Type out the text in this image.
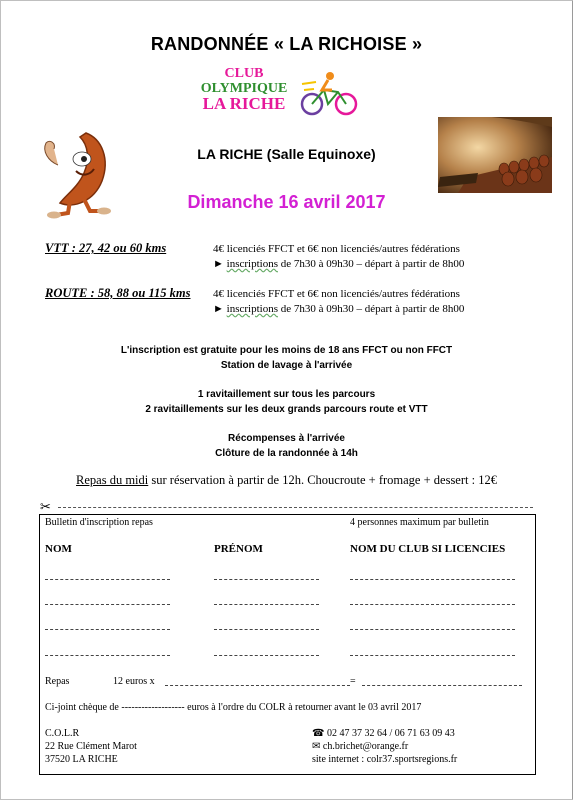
RANDONNÉE « LA RICHOISE »
CLUB
OLYMPIQUE
LA RICHE
LA RICHE (Salle Equinoxe)
Dimanche 16 avril 2017
VTT : 27, 42 ou 60 kms	4€ licenciés FFCT et 6€ non licenciés/autres fédérations
► inscriptions de 7h30 à 09h30 – départ à partir de 8h00
ROUTE : 58, 88 ou 115 kms 4€ licenciés FFCT et 6€ non licenciés/autres fédérations
► inscriptions de 7h30 à 09h30 – départ à partir de 8h00
L'inscription est gratuite pour les moins de 18 ans FFCT ou non FFCT
Station de lavage à l'arrivée
1 ravitaillement sur tous les parcours
2 ravitaillements sur les deux grands parcours route et VTT
Récompenses à l'arrivée
Clôture de la randonnée à 14h
Repas du midi sur réservation à partir de 12h. Choucroute + fromage + dessert : 12€
✂
Bulletin d'inscription repas	4 personnes maximum par bulletin
NOM	PRÉNOM	NOM DU CLUB SI LICENCIES
Repas	12 euros x	=
Ci-joint chèque de ------------------- euros à l'ordre du COLR à retourner avant le 03 avril 2017
C.O.L.R
22 Rue Clément Marot
37520 LA RICHE
☎ 02 47 37 32 64 / 06 71 63 09 43
✉ ch.brichet@orange.fr
site internet : colr37.sportsregions.fr
